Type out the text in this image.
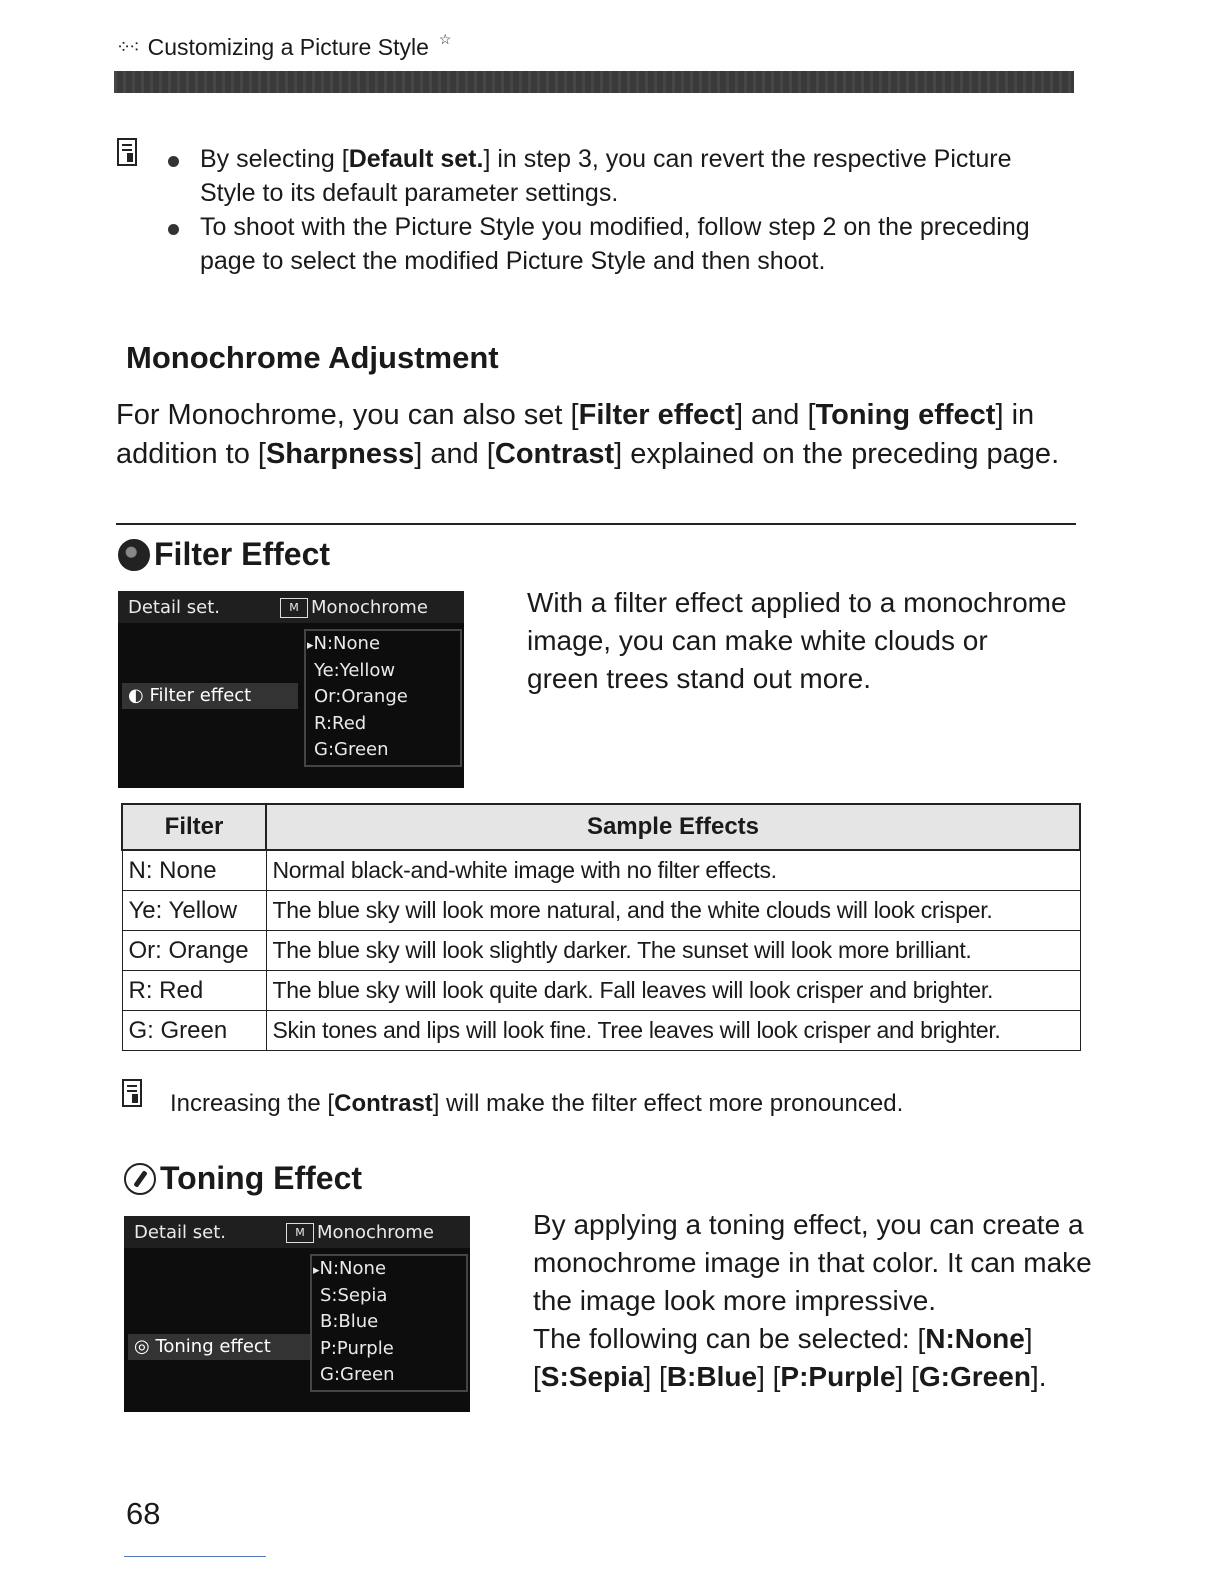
⁘⁖ Customizing a Picture Style ☆
By selecting [Default set.] in step 3, you can revert the respective Picture Style to its default parameter settings.
To shoot with the Picture Style you modified, follow step 2 on the preceding page to select the modified Picture Style and then shoot.
Monochrome Adjustment
For Monochrome, you can also set [Filter effect] and [Toning effect] in addition to [Sharpness] and [Contrast] explained on the preceding page.
Filter Effect
Detail set.	M Monochrome
▸ N:None
Ye:Yellow
Or:Orange
R:Red
G:Green
◐ Filter effect
With a filter effect applied to a monochrome image, you can make white clouds or green trees stand out more.
Filter	Sample Effects
N: None	Normal black-and-white image with no filter effects.
Ye: Yellow	The blue sky will look more natural, and the white clouds will look crisper.
Or: Orange	The blue sky will look slightly darker. The sunset will look more brilliant.
R: Red	The blue sky will look quite dark. Fall leaves will look crisper and brighter.
G: Green	Skin tones and lips will look fine. Tree leaves will look crisper and brighter.
Increasing the [Contrast] will make the filter effect more pronounced.
Toning Effect
Detail set.	M Monochrome
▸ N:None
S:Sepia
B:Blue
P:Purple
G:Green
◎ Toning effect
By applying a toning effect, you can create a monochrome image in that color. It can make the image look more impressive.
The following can be selected: [N:None] [S:Sepia] [B:Blue] [P:Purple] [G:Green].
68
